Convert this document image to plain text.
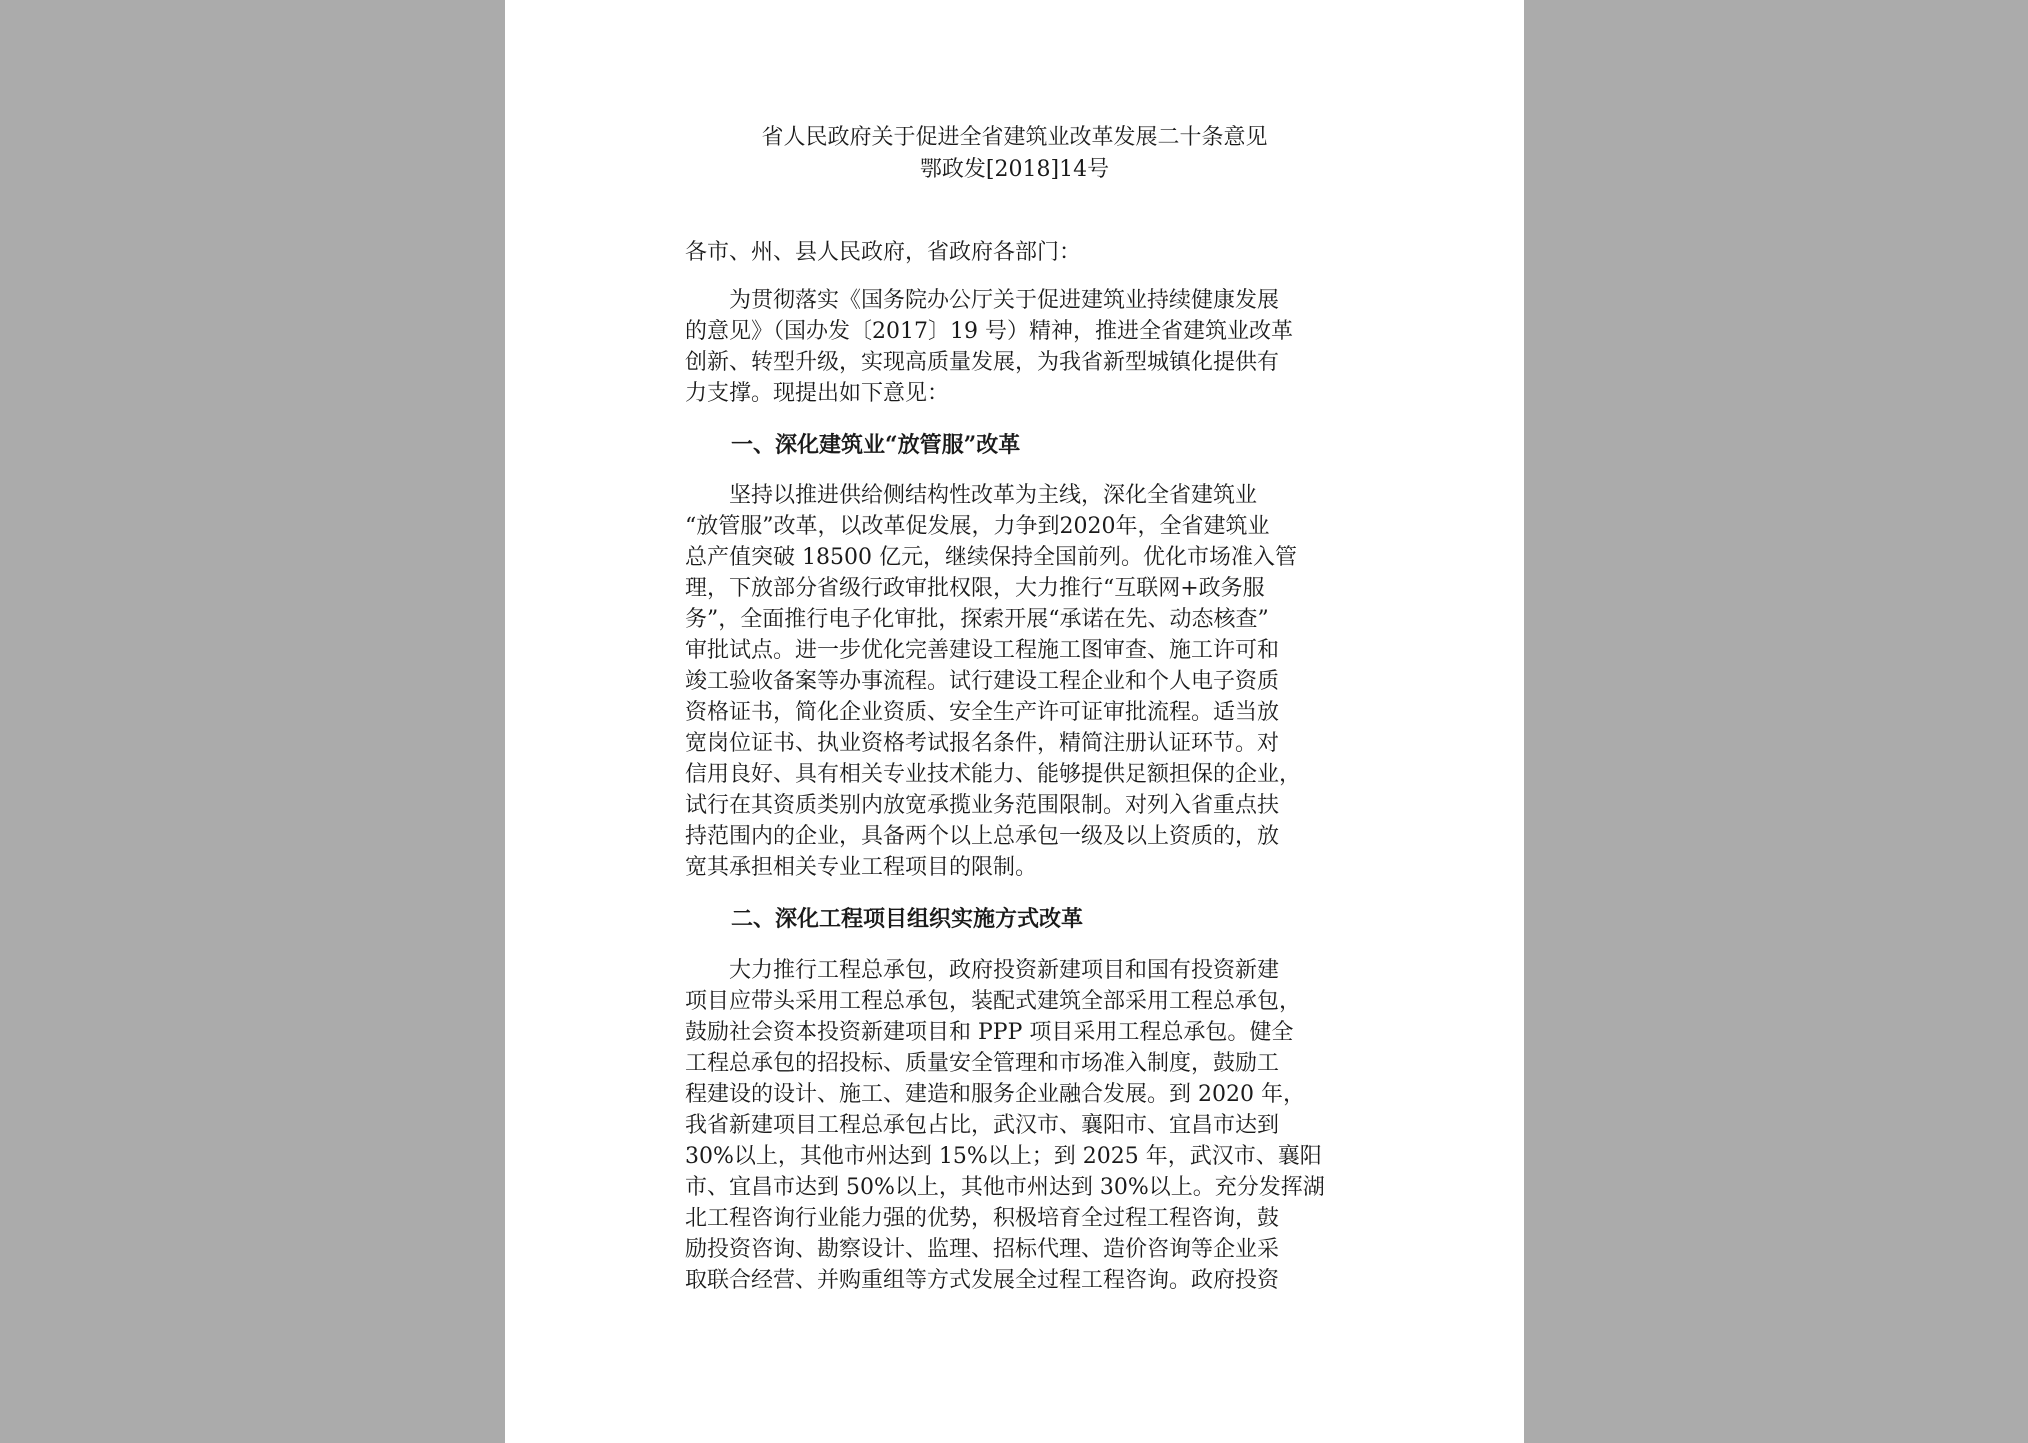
省人民政府关于促进全省建筑业改革发展二十条意见
鄂政发[2018]14号
各市、州、县人民政府，省政府各部门：
　　为贯彻落实《国务院办公厅关于促进建筑业持续健康发展
的意见》（国办发〔2017〕19 号）精神，推进全省建筑业改革
创新、转型升级，实现高质量发展，为我省新型城镇化提供有
力支撑。现提出如下意见：
一、深化建筑业“放管服”改革
　　坚持以推进供给侧结构性改革为主线，深化全省建筑业
“放管服”改革，以改革促发展，力争到2020年，全省建筑业
总产值突破 18500 亿元，继续保持全国前列。优化市场准入管
理，下放部分省级行政审批权限，大力推行“互联网+政务服
务”，全面推行电子化审批，探索开展“承诺在先、动态核查”
审批试点。进一步优化完善建设工程施工图审查、施工许可和
竣工验收备案等办事流程。试行建设工程企业和个人电子资质
资格证书，简化企业资质、安全生产许可证审批流程。适当放
宽岗位证书、执业资格考试报名条件，精简注册认证环节。对
信用良好、具有相关专业技术能力、能够提供足额担保的企业，
试行在其资质类别内放宽承揽业务范围限制。对列入省重点扶
持范围内的企业，具备两个以上总承包一级及以上资质的，放
宽其承担相关专业工程项目的限制。
二、深化工程项目组织实施方式改革
　　大力推行工程总承包，政府投资新建项目和国有投资新建
项目应带头采用工程总承包，装配式建筑全部采用工程总承包，
鼓励社会资本投资新建项目和 PPP 项目采用工程总承包。健全
工程总承包的招投标、质量安全管理和市场准入制度，鼓励工
程建设的设计、施工、建造和服务企业融合发展。到 2020 年，
我省新建项目工程总承包占比，武汉市、襄阳市、宜昌市达到
30%以上，其他市州达到 15%以上；到 2025 年，武汉市、襄阳
市、宜昌市达到 50%以上，其他市州达到 30%以上。充分发挥湖
北工程咨询行业能力强的优势，积极培育全过程工程咨询，鼓
励投资咨询、勘察设计、监理、招标代理、造价咨询等企业采
取联合经营、并购重组等方式发展全过程工程咨询。政府投资
